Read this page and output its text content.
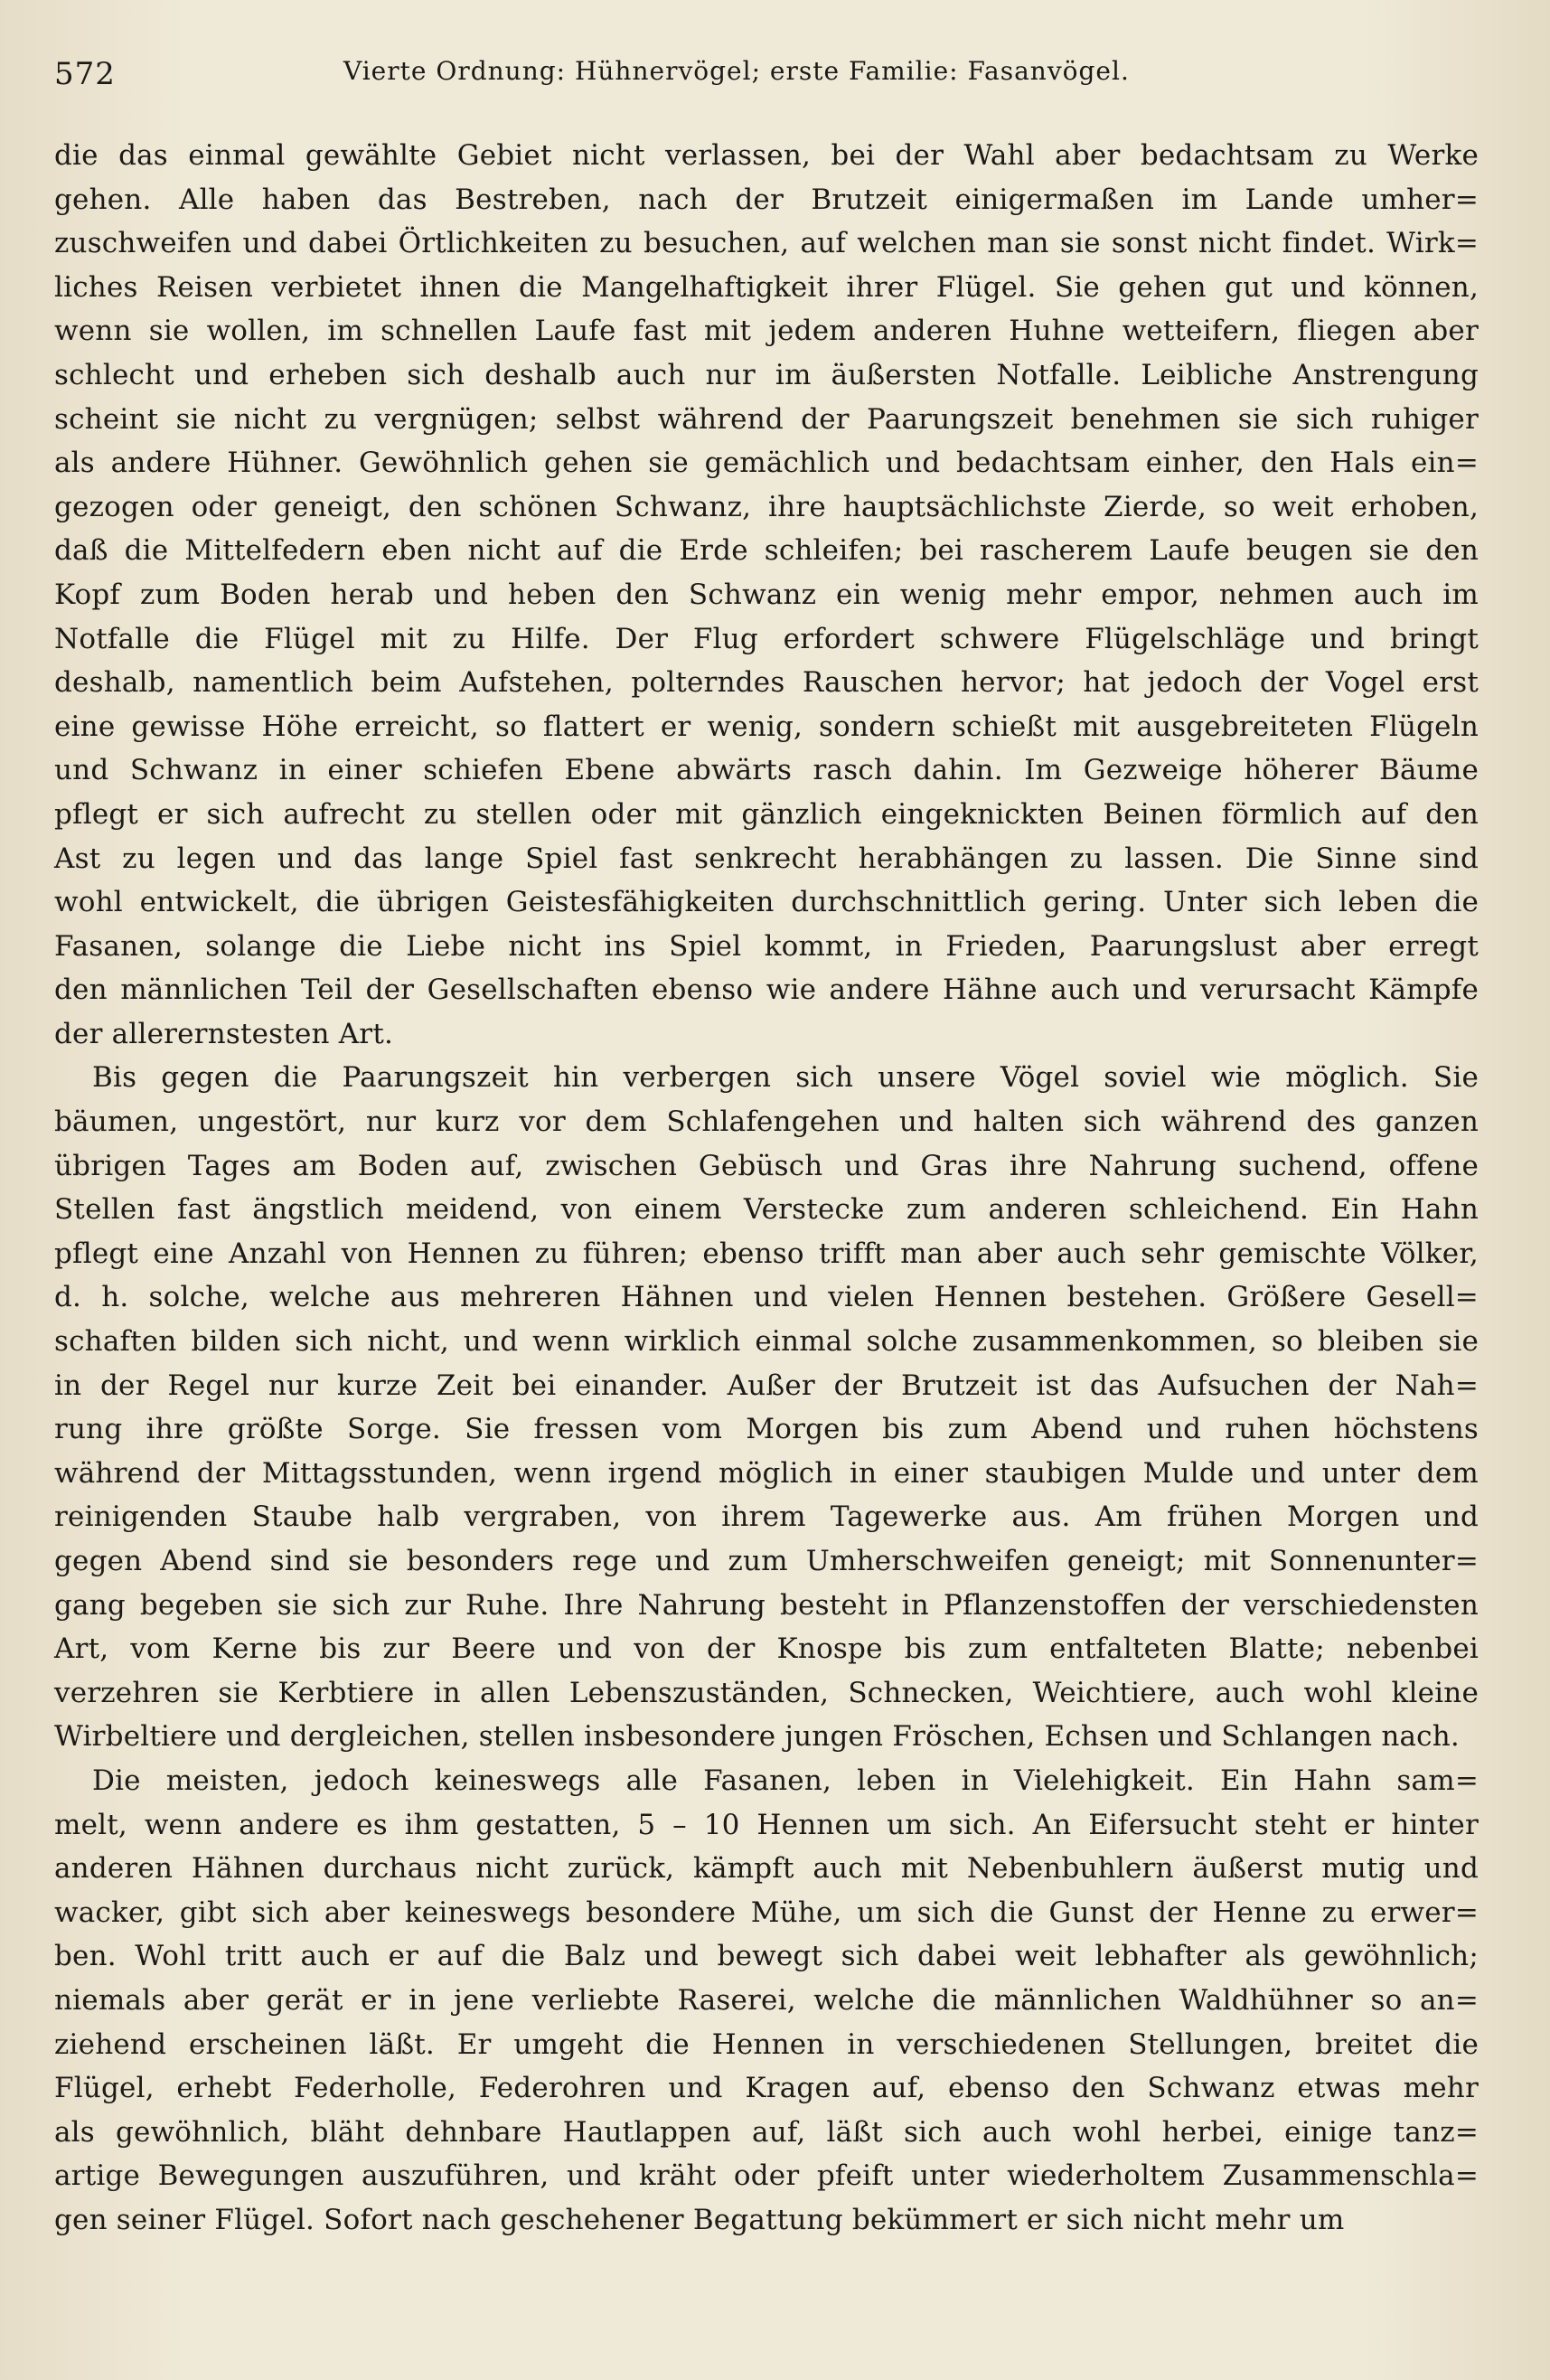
572	Vierte Ordnung: Hühnervögel; erste Familie: Fasanvögel.
die das einmal gewählte Gebiet nicht verlassen, bei der Wahl aber bedachtsam zu Werke
gehen. Alle haben das Bestreben, nach der Brutzeit einigermaßen im Lande umher=
zuschweifen und dabei Örtlichkeiten zu besuchen, auf welchen man sie sonst nicht findet. Wirk=
liches Reisen verbietet ihnen die Mangelhaftigkeit ihrer Flügel. Sie gehen gut und können,
wenn sie wollen, im schnellen Laufe fast mit jedem anderen Huhne wetteifern, fliegen aber
schlecht und erheben sich deshalb auch nur im äußersten Notfalle. Leibliche Anstrengung
scheint sie nicht zu vergnügen; selbst während der Paarungszeit benehmen sie sich ruhiger
als andere Hühner. Gewöhnlich gehen sie gemächlich und bedachtsam einher, den Hals ein=
gezogen oder geneigt, den schönen Schwanz, ihre hauptsächlichste Zierde, so weit erhoben,
daß die Mittelfedern eben nicht auf die Erde schleifen; bei rascherem Laufe beugen sie den
Kopf zum Boden herab und heben den Schwanz ein wenig mehr empor, nehmen auch im
Notfalle die Flügel mit zu Hilfe. Der Flug erfordert schwere Flügelschläge und bringt
deshalb, namentlich beim Aufstehen, polterndes Rauschen hervor; hat jedoch der Vogel erst
eine gewisse Höhe erreicht, so flattert er wenig, sondern schießt mit ausgebreiteten Flügeln
und Schwanz in einer schiefen Ebene abwärts rasch dahin. Im Gezweige höherer Bäume
pflegt er sich aufrecht zu stellen oder mit gänzlich eingeknickten Beinen förmlich auf den
Ast zu legen und das lange Spiel fast senkrecht herabhängen zu lassen. Die Sinne sind
wohl entwickelt, die übrigen Geistesfähigkeiten durchschnittlich gering. Unter sich leben die
Fasanen, solange die Liebe nicht ins Spiel kommt, in Frieden, Paarungslust aber erregt
den männlichen Teil der Gesellschaften ebenso wie andere Hähne auch und verursacht Kämpfe
der allerernstesten Art.
Bis gegen die Paarungszeit hin verbergen sich unsere Vögel soviel wie möglich. Sie
bäumen, ungestört, nur kurz vor dem Schlafengehen und halten sich während des ganzen
übrigen Tages am Boden auf, zwischen Gebüsch und Gras ihre Nahrung suchend, offene
Stellen fast ängstlich meidend, von einem Verstecke zum anderen schleichend. Ein Hahn
pflegt eine Anzahl von Hennen zu führen; ebenso trifft man aber auch sehr gemischte Völker,
d. h. solche, welche aus mehreren Hähnen und vielen Hennen bestehen. Größere Gesell=
schaften bilden sich nicht, und wenn wirklich einmal solche zusammenkommen, so bleiben sie
in der Regel nur kurze Zeit bei einander. Außer der Brutzeit ist das Aufsuchen der Nah=
rung ihre größte Sorge. Sie fressen vom Morgen bis zum Abend und ruhen höchstens
während der Mittagsstunden, wenn irgend möglich in einer staubigen Mulde und unter dem
reinigenden Staube halb vergraben, von ihrem Tagewerke aus. Am frühen Morgen und
gegen Abend sind sie besonders rege und zum Umherschweifen geneigt; mit Sonnenunter=
gang begeben sie sich zur Ruhe. Ihre Nahrung besteht in Pflanzenstoffen der verschiedensten
Art, vom Kerne bis zur Beere und von der Knospe bis zum entfalteten Blatte; nebenbei
verzehren sie Kerbtiere in allen Lebenszuständen, Schnecken, Weichtiere, auch wohl kleine
Wirbeltiere und dergleichen, stellen insbesondere jungen Fröschen, Echsen und Schlangen nach.
Die meisten, jedoch keineswegs alle Fasanen, leben in Vielehigkeit. Ein Hahn sam=
melt, wenn andere es ihm gestatten, 5 – 10 Hennen um sich. An Eifersucht steht er hinter
anderen Hähnen durchaus nicht zurück, kämpft auch mit Nebenbuhlern äußerst mutig und
wacker, gibt sich aber keineswegs besondere Mühe, um sich die Gunst der Henne zu erwer=
ben. Wohl tritt auch er auf die Balz und bewegt sich dabei weit lebhafter als gewöhnlich;
niemals aber gerät er in jene verliebte Raserei, welche die männlichen Waldhühner so an=
ziehend erscheinen läßt. Er umgeht die Hennen in verschiedenen Stellungen, breitet die
Flügel, erhebt Federholle, Federohren und Kragen auf, ebenso den Schwanz etwas mehr
als gewöhnlich, bläht dehnbare Hautlappen auf, läßt sich auch wohl herbei, einige tanz=
artige Bewegungen auszuführen, und kräht oder pfeift unter wiederholtem Zusammenschla=
gen seiner Flügel. Sofort nach geschehener Begattung bekümmert er sich nicht mehr um
